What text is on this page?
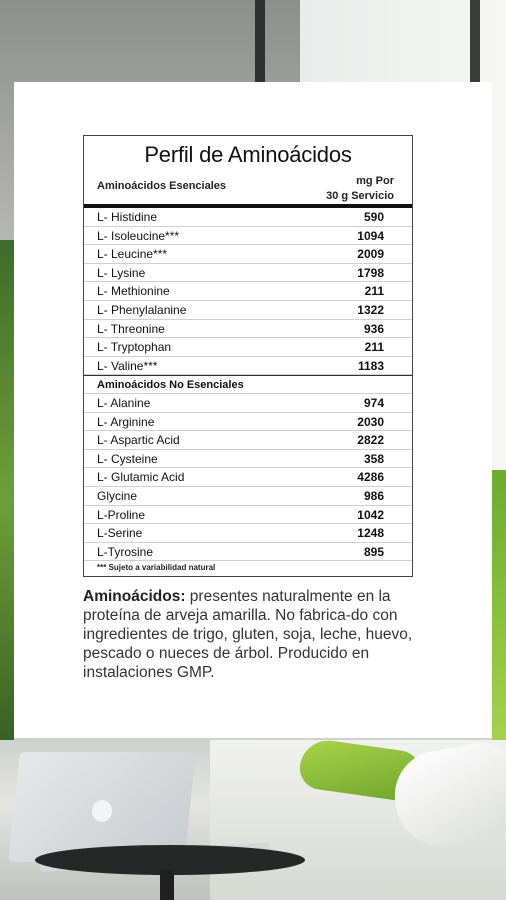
Perfil de Aminoácidos
Aminoácidos Esenciales	mg Por
30 g Servicio
L- Histidine	590
L- Isoleucine***	1094
L- Leucine***	2009
L- Lysine	1798
L- Methionine	211
L- Phenylalanine	1322
L- Threonine	936
L- Tryptophan	211
L- Valine***	1183
Aminoácidos No Esenciales
L- Alanine	974
L- Arginine	2030
L- Aspartic Acid	2822
L- Cysteine	358
L- Glutamic Acid	4286
Glycine	986
L-Proline	1042
L-Serine	1248
L-Tyrosine	895
*** Sujeto a variabilidad natural
Aminoácidos: presentes naturalmente en la proteína de arveja amarilla. No fabrica-do con ingredientes de trigo, gluten, soja, leche, huevo, pescado o nueces de árbol. Producido en instalaciones GMP.
